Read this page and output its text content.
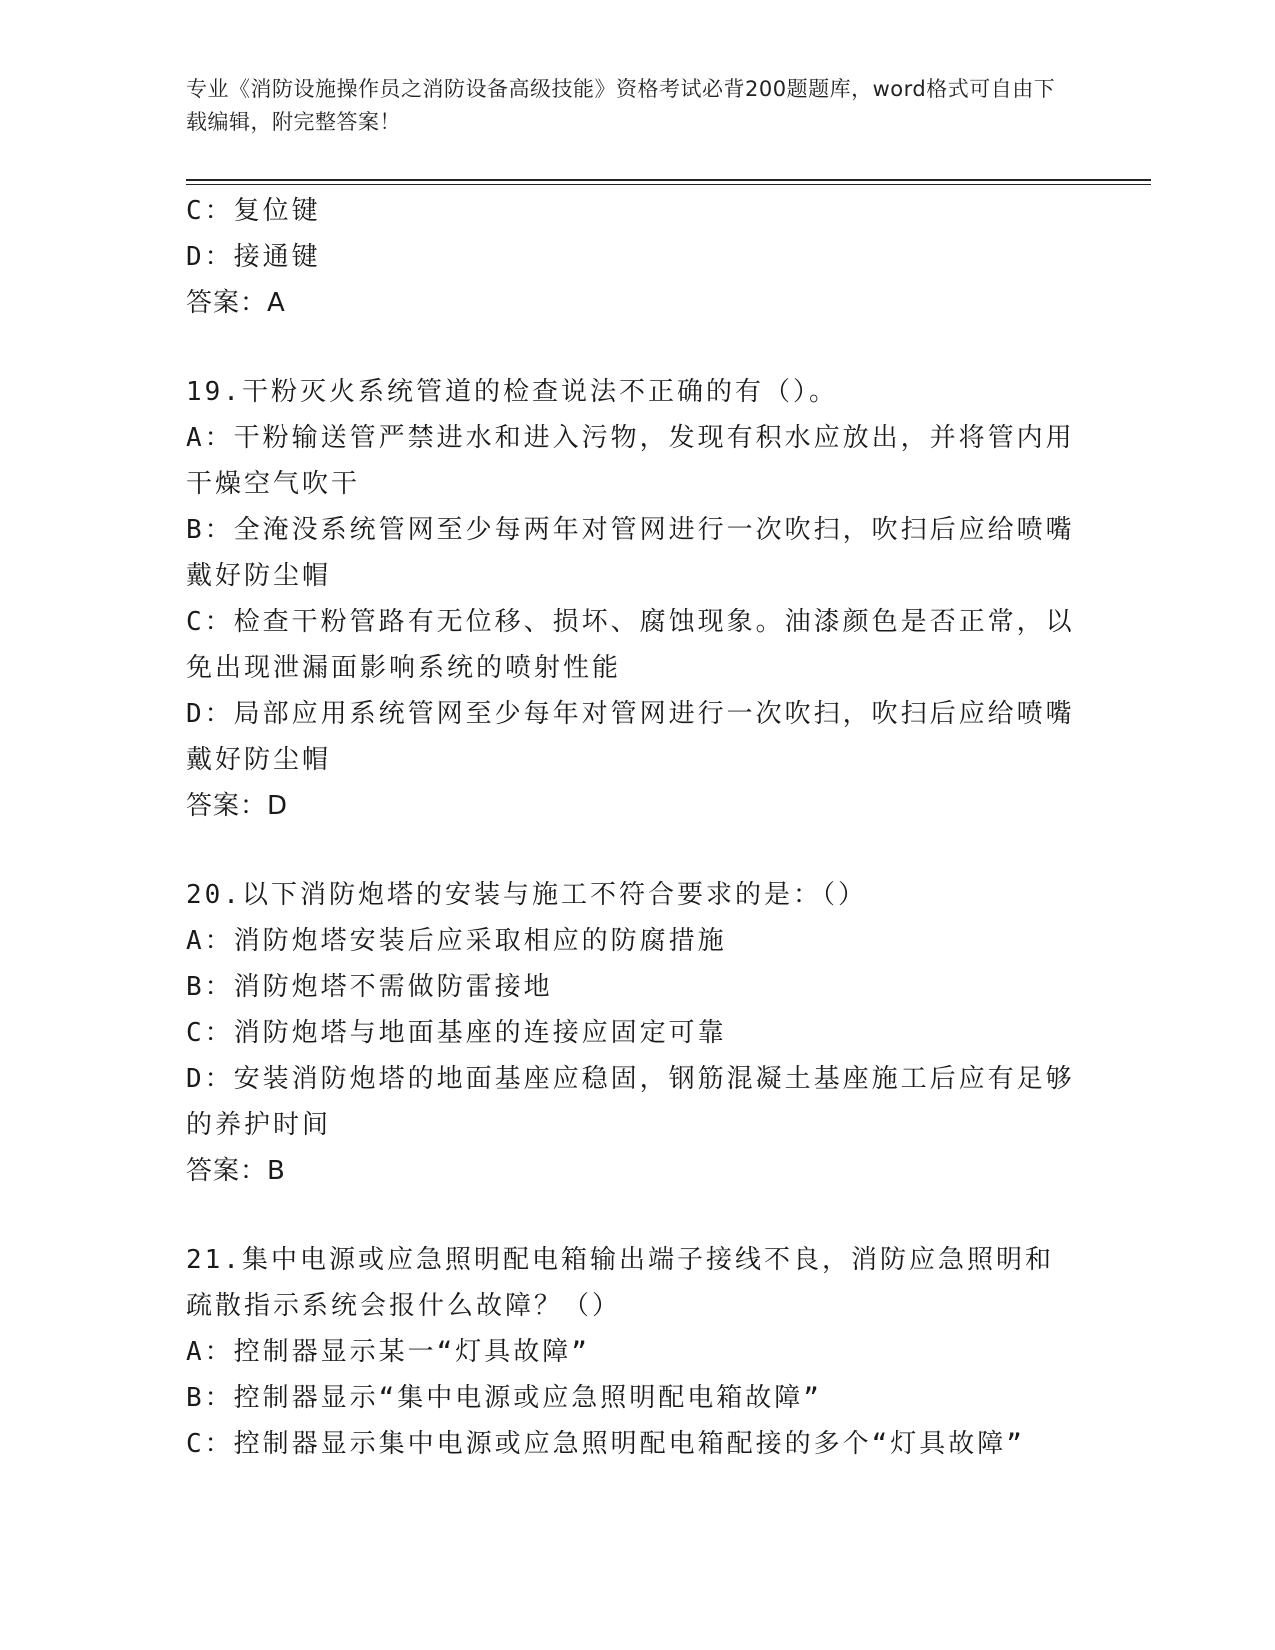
专业《消防设施操作员之消防设备高级技能》资格考试必背200题题库，word格式可自由下载编辑，附完整答案！
C：复位键
D：接通键
答案：A
19.干粉灭火系统管道的检查说法不正确的有（）。
A：干粉输送管严禁进水和进入污物，发现有积水应放出，并将管内用干燥空气吹干
B：全淹没系统管网至少每两年对管网进行一次吹扫，吹扫后应给喷嘴戴好防尘帽
C：检查干粉管路有无位移、损坏、腐蚀现象。油漆颜色是否正常，以免出现泄漏面影响系统的喷射性能
D：局部应用系统管网至少每年对管网进行一次吹扫，吹扫后应给喷嘴戴好防尘帽
答案：D
20.以下消防炮塔的安装与施工不符合要求的是：（）
A：消防炮塔安装后应采取相应的防腐措施
B：消防炮塔不需做防雷接地
C：消防炮塔与地面基座的连接应固定可靠
D：安装消防炮塔的地面基座应稳固，钢筋混凝土基座施工后应有足够的养护时间
答案：B
21.集中电源或应急照明配电箱输出端子接线不良，消防应急照明和疏散指示系统会报什么故障？（）
A：控制器显示某一“灯具故障”
B：控制器显示“集中电源或应急照明配电箱故障”
C：控制器显示集中电源或应急照明配电箱配接的多个“灯具故障”
